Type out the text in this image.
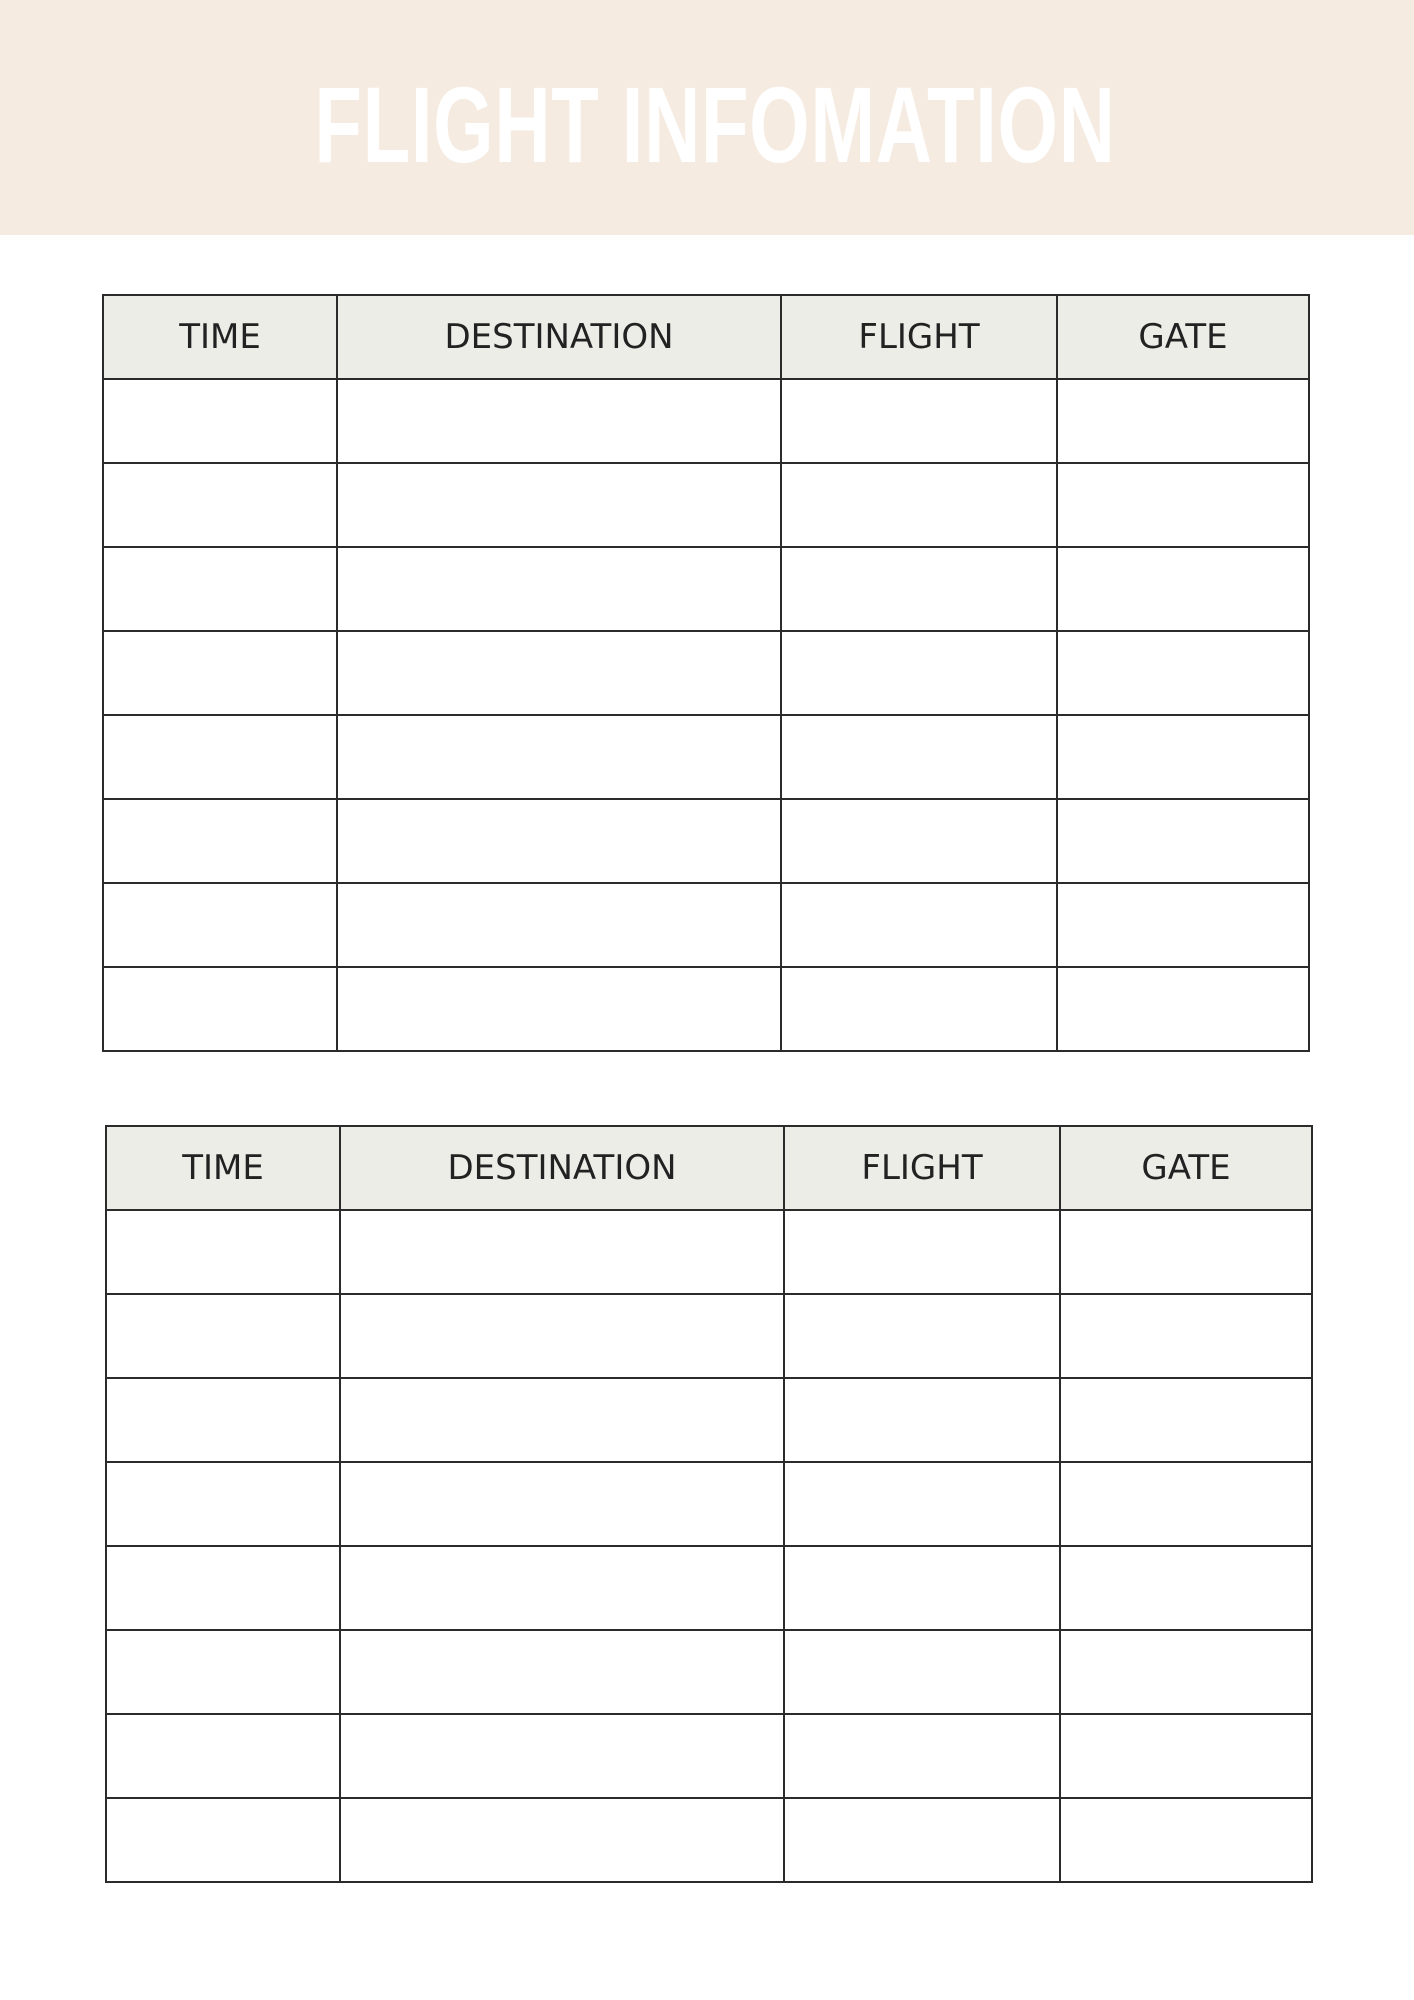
FLIGHT INFOMATION
TIME	DESTINATION	FLIGHT	GATE

TIME	DESTINATION	FLIGHT	GATE
